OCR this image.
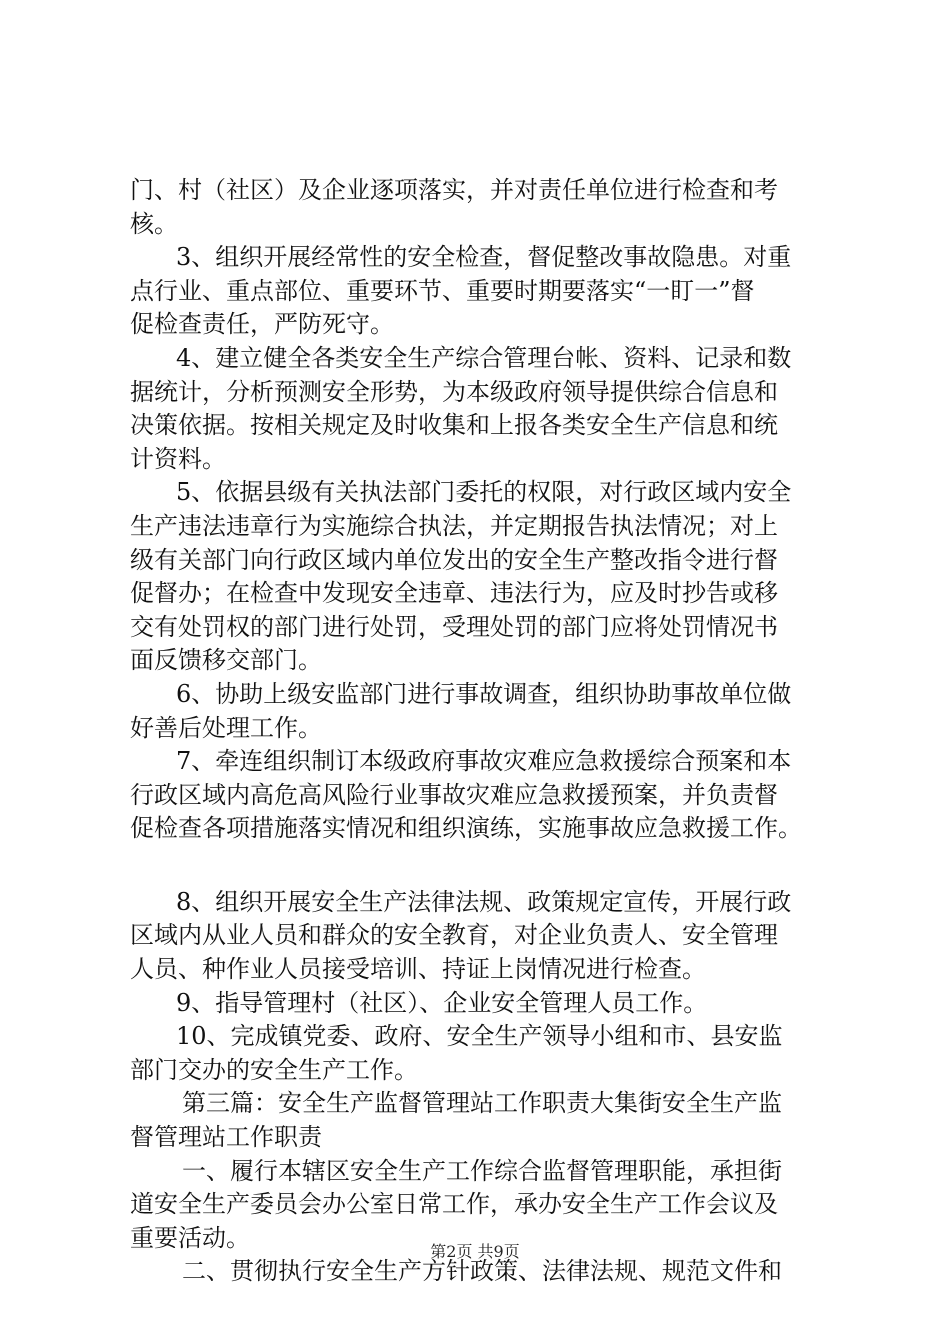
门、村（社区）及企业逐项落实，并对责任单位进行检查和考
核。
3、组织开展经常性的安全检查，督促整改事故隐患。对重
点行业、重点部位、重要环节、重要时期要落实“一盯一”督
促检查责任，严防死守。
4、建立健全各类安全生产综合管理台帐、资料、记录和数
据统计，分析预测安全形势，为本级政府领导提供综合信息和
决策依据。按相关规定及时收集和上报各类安全生产信息和统
计资料。
5、依据县级有关执法部门委托的权限，对行政区域内安全
生产违法违章行为实施综合执法，并定期报告执法情况；对上
级有关部门向行政区域内单位发出的安全生产整改指令进行督
促督办；在检查中发现安全违章、违法行为，应及时抄告或移
交有处罚权的部门进行处罚，受理处罚的部门应将处罚情况书
面反馈移交部门。
6、协助上级安监部门进行事故调查，组织协助事故单位做
好善后处理工作。
7、牵连组织制订本级政府事故灾难应急救援综合预案和本
行政区域内高危高风险行业事故灾难应急救援预案，并负责督
促检查各项措施落实情况和组织演练，实施事故应急救援工作。
8、组织开展安全生产法律法规、政策规定宣传，开展行政
区域内从业人员和群众的安全教育，对企业负责人、安全管理
人员、种作业人员接受培训、持证上岗情况进行检查。
9、指导管理村（社区）、企业安全管理人员工作。
10、完成镇党委、政府、安全生产领导小组和市、县安监
部门交办的安全生产工作。
第三篇：安全生产监督管理站工作职责大集街安全生产监
督管理站工作职责
一、履行本辖区安全生产工作综合监督管理职能，承担街
道安全生产委员会办公室日常工作，承办安全生产工作会议及
重要活动。
二、贯彻执行安全生产方针政策、法律法规、规范文件和
第2页 共9页
